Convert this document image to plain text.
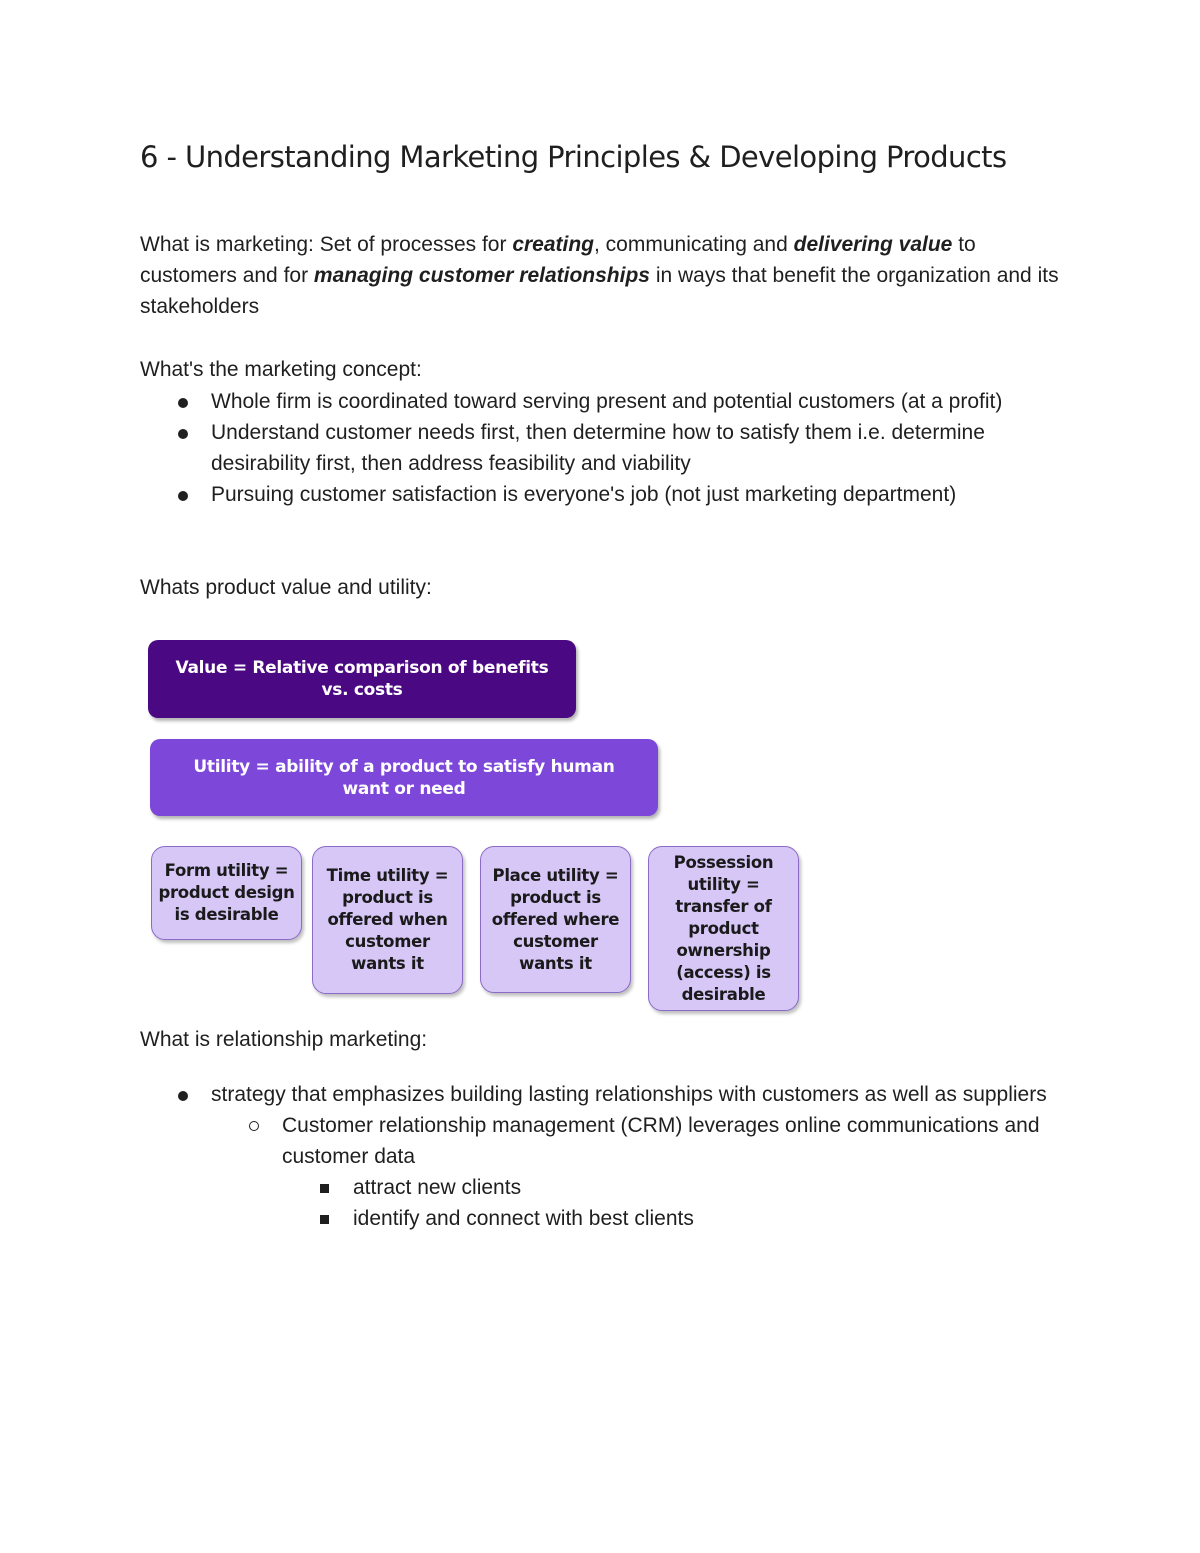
6 - Understanding Marketing Principles & Developing Products

What is marketing: Set of processes for creating, communicating and delivering value to customers and for managing customer relationships in ways that benefit the organization and its stakeholders

What's the marketing concept:

Whole firm is coordinated toward serving present and potential customers (at a profit)
Understand customer needs first, then determine how to satisfy them i.e. determine desirability first, then address feasibility and viability
Pursuing customer satisfaction is everyone's job (not just marketing department)

Whats product value and utility:

Value = Relative comparison of benefits vs. costs
Utility = ability of a product to satisfy human want or need
Form utility = product design is desirable
Time utility = product is offered when customer wants it
Place utility = product is offered where customer wants it
Possession utility = transfer of product ownership (access) is desirable

What is relationship marketing:

strategy that emphasizes building lasting relationships with customers as well as suppliers
Customer relationship management (CRM) leverages online communications and customer data
attract new clients
identify and connect with best clients
